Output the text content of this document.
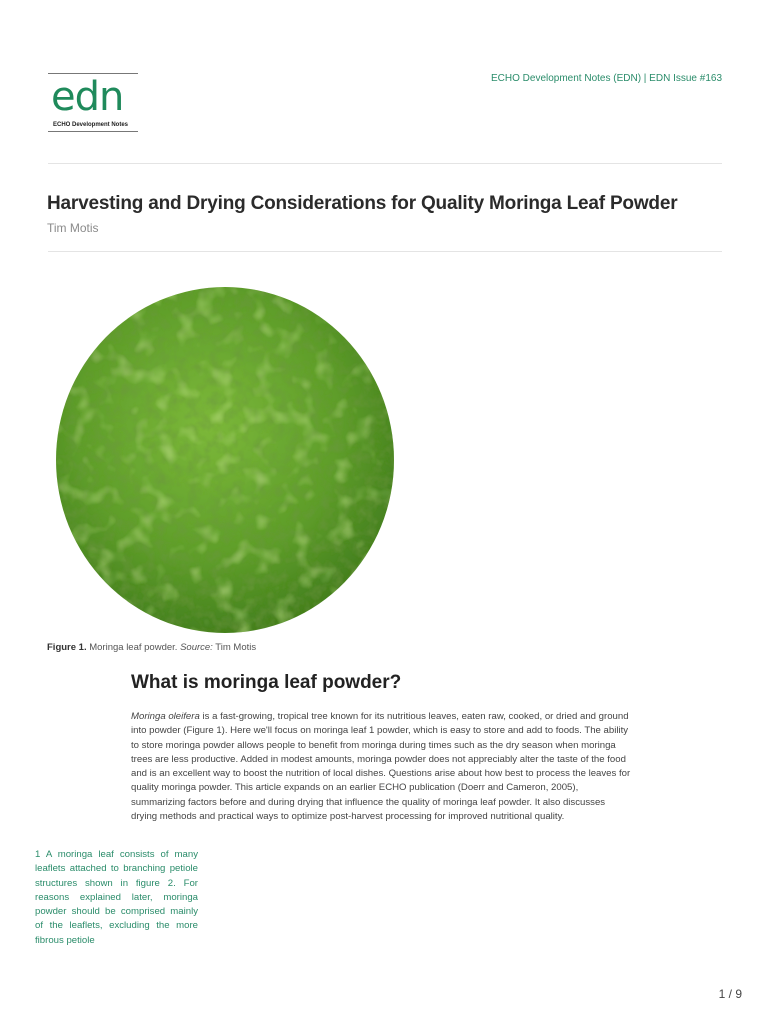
edn
ECHO Development Notes
ECHO Development Notes (EDN) | EDN Issue #163
Harvesting and Drying Considerations for Quality Moringa Leaf Powder
Tim Motis
Figure 1. Moringa leaf powder. Source: Tim Motis
What is moringa leaf powder?

Moringa oleifera is a fast-growing, tropical tree known for its nutritious leaves, eaten raw, cooked, or dried and ground into powder (Figure 1). Here we'll focus on moringa leaf 1 powder, which is easy to store and add to foods. The ability to store moringa powder allows people to benefit from moringa during times such as the dry season when moringa trees are less productive. Added in modest amounts, moringa powder does not appreciably alter the taste of the food and is an excellent way to boost the nutrition of local dishes. Questions arise about how best to process the leaves for quality moringa powder. This article expands on an earlier ECHO publication (Doerr and Cameron, 2005), summarizing factors before and during drying that influence the quality of moringa leaf powder. It also discusses drying methods and practical ways to optimize post-harvest processing for improved nutritional quality.

1 A moringa leaf consists of many leaflets attached to branching petiole structures shown in figure 2. For reasons explained later, moringa powder should be comprised mainly of the leaflets, excluding the more fibrous petiole

1 / 9
